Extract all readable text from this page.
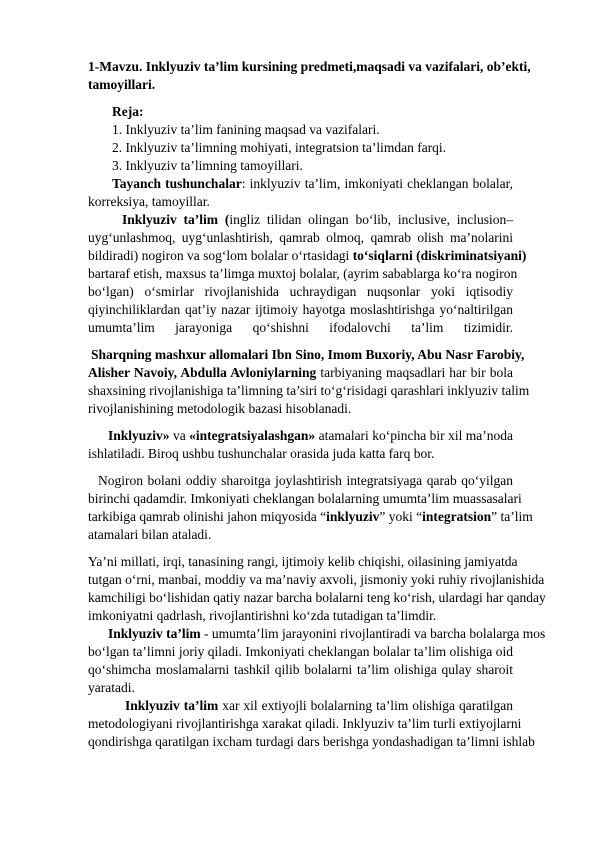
1-Mavzu. Inklyuziv ta’lim kursining predmeti,maqsadi va vazifalari, ob’ekti,
tamoyillari.
Reja:
1. Inklyuziv ta’lim fanining maqsad va vazifalari.
2. Inklyuziv ta’limning mohiyati, integratsion ta’limdan farqi.
3. Inklyuziv ta’limning tamoyillari.
Tayanch tushunchalar: inklyuziv ta’lim, imkoniyati cheklangan bolalar,
korreksiya, tamoyillar.
Inklyuziv ta’lim (ingliz tilidan olingan bo‘lib, inclusive, inclusion–
uyg‘unlashmoq, uyg‘unlashtirish, qamrab olmoq, qamrab olish ma’nolarini
bildiradi) nogiron va sog‘lom bolalar o‘rtasidagi to‘siqlarni (diskriminatsiyani)
bartaraf etish, maxsus ta’limga muxtoj bolalar, (ayrim sabablarga ko‘ra nogiron
bo‘lgan) o‘smirlar rivojlanishida uchraydigan nuqsonlar yoki iqtisodiy
qiyinchiliklardan qat’iy nazar ijtimoiy hayotga moslashtirishga yo‘naltirilgan
umumta’lim jarayoniga qo‘shishni ifodalovchi ta’lim tizimidir.
Sharqning mashxur allomalari Ibn Sino, Imom Buxoriy, Abu Nasr Farobiy,
Alisher Navoiy, Abdulla Avloniylarning tarbiyaning maqsadlari har bir bola
shaxsining rivojlanishiga ta’limning ta’siri to‘g‘risidagi qarashlari inklyuziv talim
rivojlanishining metodologik bazasi hisoblanadi.
Inklyuziv» va «integratsiyalashgan» atamalari ko‘pincha bir xil ma’noda
ishlatiladi. Biroq ushbu tushunchalar orasida juda katta farq bor.
Nogiron bolani oddiy sharoitga joylashtirish integratsiyaga qarab qo‘yilgan
birinchi qadamdir. Imkoniyati cheklangan bolalarning umumta’lim muassasalari
tarkibiga qamrab olinishi jahon miqyosida “inklyuziv” yoki “integratsion” ta’lim
atamalari bilan ataladi.
Ya’ni millati, irqi, tanasining rangi, ijtimoiy kelib chiqishi, oilasining jamiyatda
tutgan o‘rni, manbai, moddiy va ma’naviy axvoli, jismoniy yoki ruhiy rivojlanishida
kamchiligi bo‘lishidan qatiy nazar barcha bolalarni teng ko‘rish, ulardagi har qanday
imkoniyatni qadrlash, rivojlantirishni ko‘zda tutadigan ta’limdir.
Inklyuziv ta’lim - umumta’lim jarayonini rivojlantiradi va barcha bolalarga mos
bo‘lgan ta’limni joriy qiladi. Imkoniyati cheklangan bolalar ta’lim olishiga oid
qo‘shimcha moslamalarni tashkil qilib bolalarni ta’lim olishiga qulay sharoit
yaratadi.
Inklyuziv ta’lim xar xil extiyojli bolalarning ta’lim olishiga qaratilgan
metodologiyani rivojlantirishga xarakat qiladi. Inklyuziv ta’lim turli extiyojlarni
qondirishga qaratilgan ixcham turdagi dars berishga yondashadigan ta’limni ishlab
